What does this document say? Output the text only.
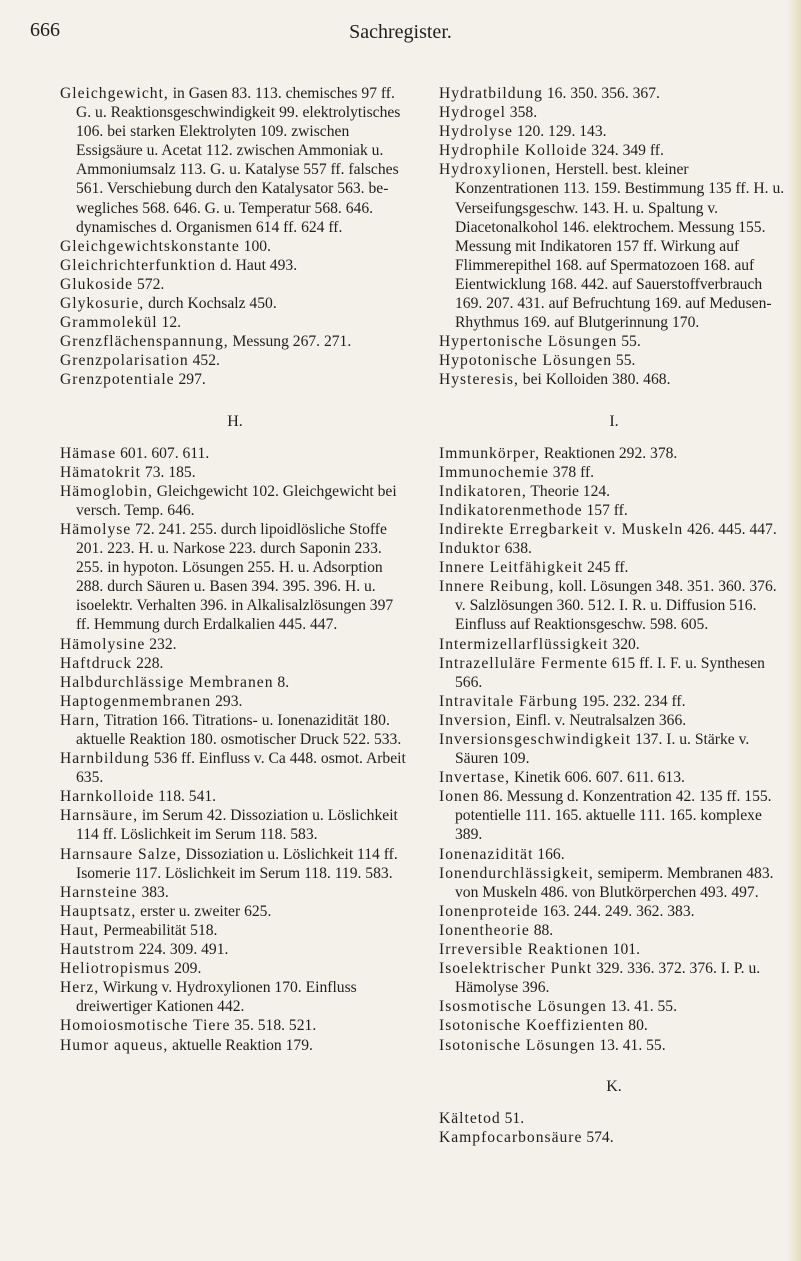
666	Sachregister.

Gleichgewicht, in Gasen 83. 113. chemisches 97 ff. G. u. Reaktionsgeschwindigkeit 99. elektrolytisches 106. bei starken Elektrolyten 109. zwischen Essigsäure u. Acetat 112. zwischen Ammoniak u. Ammoniumsalz 113. G. u. Katalyse 557 ff. falsches 561. Verschiebung durch den Katalysator 563. bewegliches 568. 646. G. u. Temperatur 568. 646. dynamisches d. Organismen 614 ff. 624 ff.

Gleichgewichtskonstante 100.

Gleichrichterfunktion d. Haut 493.

Glukoside 572.

Glykosurie, durch Kochsalz 450.

Grammolekül 12.

Grenzflächenspannung, Messung 267. 271.

Grenzpolarisation 452.

Grenzpotentiale 297.

H.

Hämase 601. 607. 611.

Hämatokrit 73. 185.

Hämoglobin, Gleichgewicht 102. Gleichgewicht bei versch. Temp. 646.

Hämolyse 72. 241. 255. durch lipoidlösliche Stoffe 201. 223. H. u. Narkose 223. durch Saponin 233. 255. in hypoton. Lösungen 255. H. u. Adsorption 288. durch Säuren u. Basen 394. 395. 396. H. u. isoelektr. Verhalten 396. in Alkalisalzlösungen 397 ff. Hemmung durch Erdalkalien 445. 447.

Hämolysine 232.

Haftdruck 228.

Halbdurchlässige Membranen 8.

Haptogenmembranen 293.

Harn, Titration 166. Titrations- u. Ionenazidität 180. aktuelle Reaktion 180. osmotischer Druck 522. 533.

Harnbildung 536 ff. Einfluss v. Ca 448. osmot. Arbeit 635.

Harnkolloide 118. 541.

Harnsäure, im Serum 42. Dissoziation u. Löslichkeit 114 ff. Löslichkeit im Serum 118. 583.

Harnsaure Salze, Dissoziation u. Löslichkeit 114 ff. Isomerie 117. Löslichkeit im Serum 118. 119. 583.

Harnsteine 383.

Hauptsatz, erster u. zweiter 625.

Haut, Permeabilität 518.

Hautstrom 224. 309. 491.

Heliotropismus 209.

Herz, Wirkung v. Hydroxylionen 170. Einfluss dreiwertiger Kationen 442.

Homoiosmotische Tiere 35. 518. 521.

Humor aqueus, aktuelle Reaktion 179.

Hydratbildung 16. 350. 356. 367.

Hydrogel 358.

Hydrolyse 120. 129. 143.

Hydrophile Kolloide 324. 349 ff.

Hydroxylionen, Herstell. best. kleiner Konzentrationen 113. 159. Bestimmung 135 ff. H. u. Verseifungsgeschw. 143. H. u. Spaltung v. Diacetonalkohol 146. elektrochem. Messung 155. Messung mit Indikatoren 157 ff. Wirkung auf Flimmerepithel 168. auf Spermatozoen 168. auf Eientwicklung 168. 442. auf Sauerstoffverbrauch 169. 207. 431. auf Befruchtung 169. auf Medusen-Rhythmus 169. auf Blutgerinnung 170.

Hypertonische Lösungen 55.

Hypotonische Lösungen 55.

Hysteresis, bei Kolloiden 380. 468.

I.

Immunkörper, Reaktionen 292. 378.

Immunochemie 378 ff.

Indikatoren, Theorie 124.

Indikatorenmethode 157 ff.

Indirekte Erregbarkeit v. Muskeln 426. 445. 447.

Induktor 638.

Innere Leitfähigkeit 245 ff.

Innere Reibung, koll. Lösungen 348. 351. 360. 376. v. Salzlösungen 360. 512. I. R. u. Diffusion 516. Einfluss auf Reaktionsgeschw. 598. 605.

Intermizellarflüssigkeit 320.

Intrazelluläre Fermente 615 ff. I. F. u. Synthesen 566.

Intravitale Färbung 195. 232. 234 ff.

Inversion, Einfl. v. Neutralsalzen 366.

Inversionsgeschwindigkeit 137. I. u. Stärke v. Säuren 109.

Invertase, Kinetik 606. 607. 611. 613.

Ionen 86. Messung d. Konzentration 42. 135 ff. 155. potentielle 111. 165. aktuelle 111. 165. komplexe 389.

Ionenazidität 166.

Ionendurchlässigkeit, semiperm. Membranen 483. von Muskeln 486. von Blutkörperchen 493. 497.

Ionenproteide 163. 244. 249. 362. 383.

Ionentheorie 88.

Irreversible Reaktionen 101.

Isoelektrischer Punkt 329. 336. 372. 376. I. P. u. Hämolyse 396.

Isosmotische Lösungen 13. 41. 55.

Isotonische Koeffizienten 80.

Isotonische Lösungen 13. 41. 55.

K.

Kältetod 51.

Kampfocarbonsäure 574.
